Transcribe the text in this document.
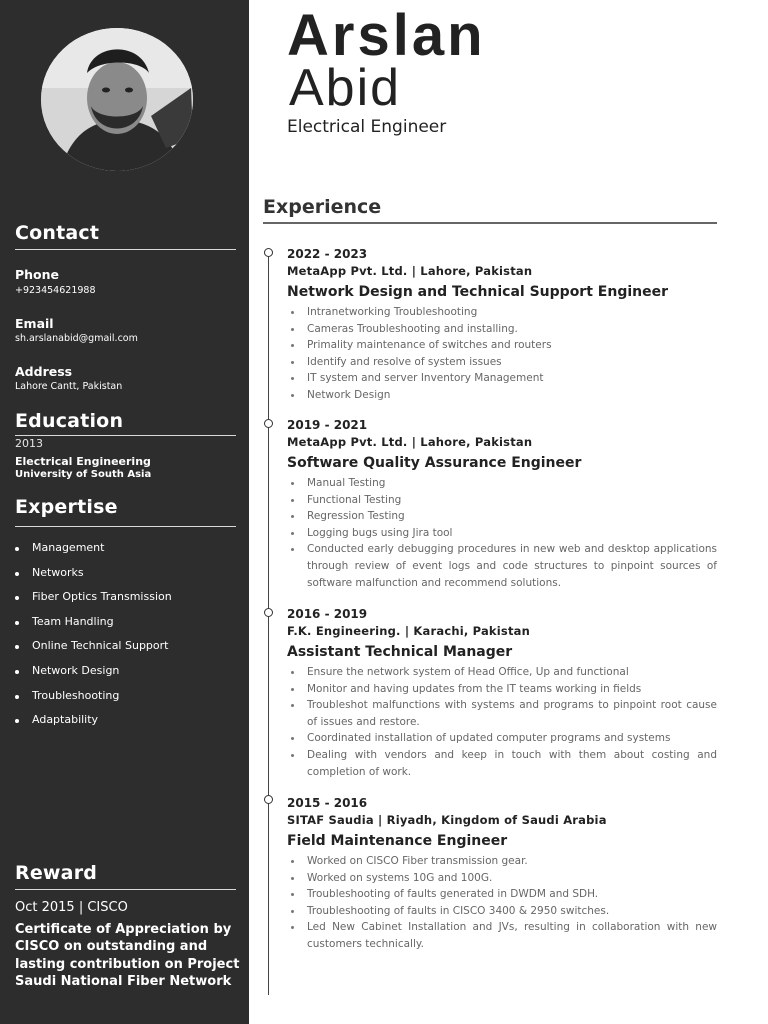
Contact
Phone
+923454621988
Email
sh.arslanabid@gmail.com
Address
Lahore Cantt, Pakistan
Education
2013
Electrical Engineering
University of South Asia
Expertise
Management
Networks
Fiber Optics Transmission
Team Handling
Online Technical Support
Network Design
Troubleshooting
Adaptability
Reward
Oct 2015 | CISCO
Certificate of Appreciation by CISCO on outstanding and lasting contribution on Project Saudi National Fiber Network
Arslan
Abid
Electrical Engineer
Experience
2022 - 2023
MetaApp Pvt. Ltd. | Lahore, Pakistan
Network Design and Technical Support Engineer
Intranetworking Troubleshooting
Cameras Troubleshooting and installing.
Primality maintenance of switches and routers
Identify and resolve of system issues
IT system and server Inventory Management
Network Design
2019 - 2021
MetaApp Pvt. Ltd. | Lahore, Pakistan
Software Quality Assurance Engineer
Manual Testing
Functional Testing
Regression Testing
Logging bugs using Jira tool
Conducted early debugging procedures in new web and desktop applications through review of event logs and code structures to pinpoint sources of software malfunction and recommend solutions.
2016 - 2019
F.K. Engineering. | Karachi, Pakistan
Assistant Technical Manager
Ensure the network system of Head Office, Up and functional
Monitor and having updates from the IT teams working in fields
Troubleshot malfunctions with systems and programs to pinpoint root cause of issues and restore.
Coordinated installation of updated computer programs and systems
Dealing with vendors and keep in touch with them about costing and completion of work.
2015 - 2016
SITAF Saudia | Riyadh, Kingdom of Saudi Arabia
Field Maintenance Engineer
Worked on CISCO Fiber transmission gear.
Worked on systems 10G and 100G.
Troubleshooting of faults generated in DWDM and SDH.
Troubleshooting of faults in CISCO 3400 & 2950 switches.
Led New Cabinet Installation and JVs, resulting in collaboration with new customers technically.
